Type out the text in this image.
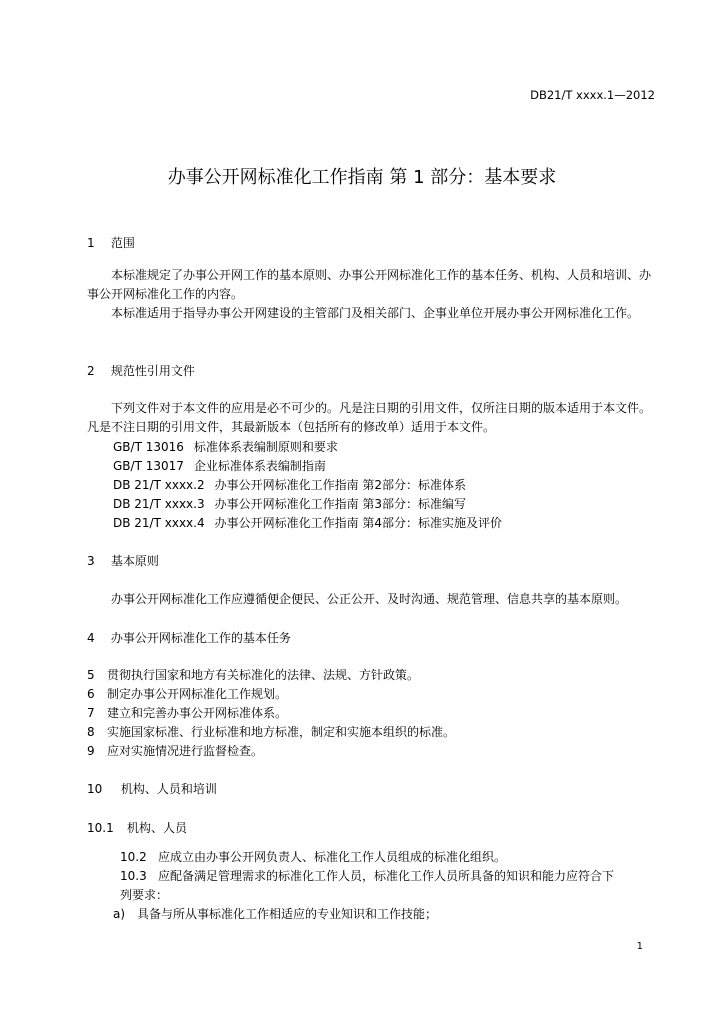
DB21/T xxxx.1—2012
办事公开网标准化工作指南 第 1 部分：基本要求
1 范围
本标准规定了办事公开网工作的基本原则、办事公开网标准化工作的基本任务、机构、人员和培训、办事公开网标准化工作的内容。
本标准适用于指导办事公开网建设的主管部门及相关部门、企事业单位开展办事公开网标准化工作。
2 规范性引用文件
下列文件对于本文件的应用是必不可少的。凡是注日期的引用文件，仅所注日期的版本适用于本文件。凡是不注日期的引用文件，其最新版本（包括所有的修改单）适用于本文件。
GB/T 13016 标准体系表编制原则和要求
GB/T 13017 企业标准体系表编制指南
DB 21/T xxxx.2 办事公开网标准化工作指南 第2部分：标准体系
DB 21/T xxxx.3 办事公开网标准化工作指南 第3部分：标准编写
DB 21/T xxxx.4 办事公开网标准化工作指南 第4部分：标准实施及评价
3 基本原则
办事公开网标准化工作应遵循便企便民、公正公开、及时沟通、规范管理、信息共享的基本原则。
4 办事公开网标准化工作的基本任务
5 贯彻执行国家和地方有关标准化的法律、法规、方针政策。
6 制定办事公开网标准化工作规划。
7 建立和完善办事公开网标准体系。
8 实施国家标准、行业标准和地方标准，制定和实施本组织的标准。
9 应对实施情况进行监督检查。
10 机构、人员和培训
10.1 机构、人员
10.2 应成立由办事公开网负责人、标准化工作人员组成的标准化组织。
10.3 应配备满足管理需求的标准化工作人员，标准化工作人员所具备的知识和能力应符合下
列要求：
a) 具备与所从事标准化工作相适应的专业知识和工作技能；
1
